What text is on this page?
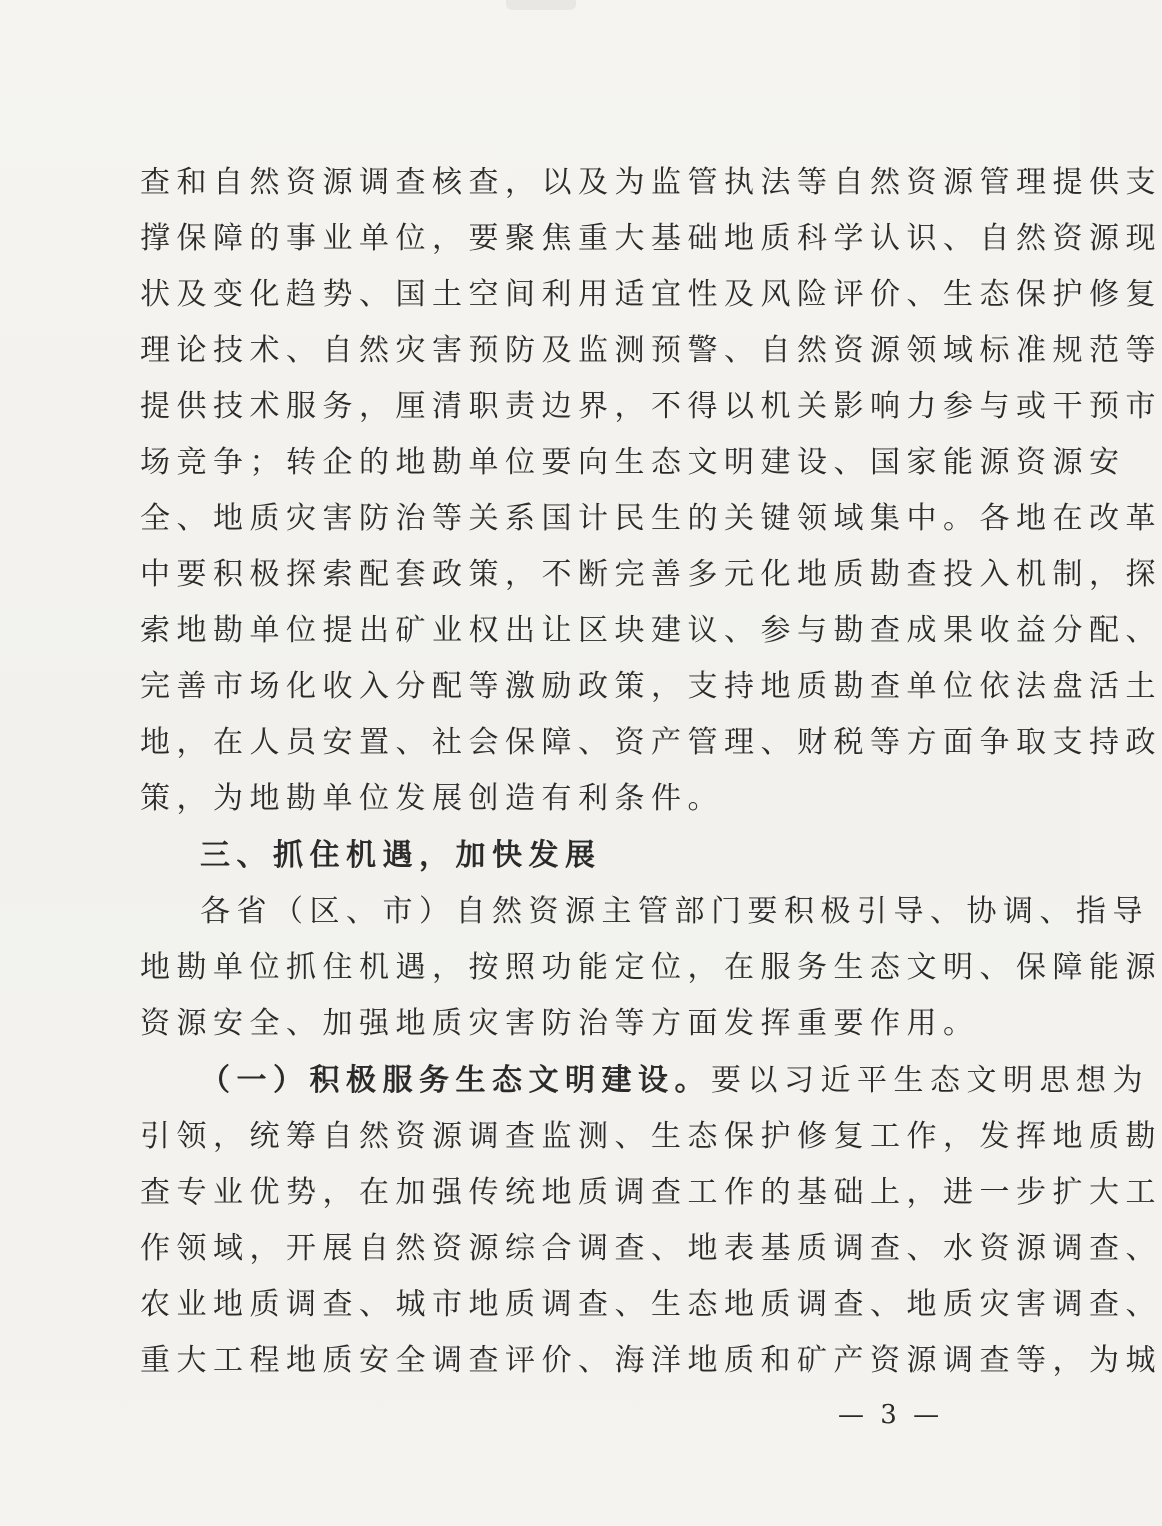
查和自然资源调查核查，以及为监管执法等自然资源管理提供支
撑保障的事业单位，要聚焦重大基础地质科学认识、自然资源现
状及变化趋势、国土空间利用适宜性及风险评价、生态保护修复
理论技术、自然灾害预防及监测预警、自然资源领域标准规范等
提供技术服务，厘清职责边界，不得以机关影响力参与或干预市
场竞争；转企的地勘单位要向生态文明建设、国家能源资源安
全、地质灾害防治等关系国计民生的关键领域集中。各地在改革
中要积极探索配套政策，不断完善多元化地质勘查投入机制，探
索地勘单位提出矿业权出让区块建议、参与勘查成果收益分配、
完善市场化收入分配等激励政策，支持地质勘查单位依法盘活土
地，在人员安置、社会保障、资产管理、财税等方面争取支持政
策，为地勘单位发展创造有利条件。
三、抓住机遇，加快发展
各省（区、市）自然资源主管部门要积极引导、协调、指导
地勘单位抓住机遇，按照功能定位，在服务生态文明、保障能源
资源安全、加强地质灾害防治等方面发挥重要作用。
（一）积极服务生态文明建设。要以习近平生态文明思想为
引领，统筹自然资源调查监测、生态保护修复工作，发挥地质勘
查专业优势，在加强传统地质调查工作的基础上，进一步扩大工
作领域，开展自然资源综合调查、地表基质调查、水资源调查、
农业地质调查、城市地质调查、生态地质调查、地质灾害调查、
重大工程地质安全调查评价、海洋地质和矿产资源调查等，为城
— 3 —
